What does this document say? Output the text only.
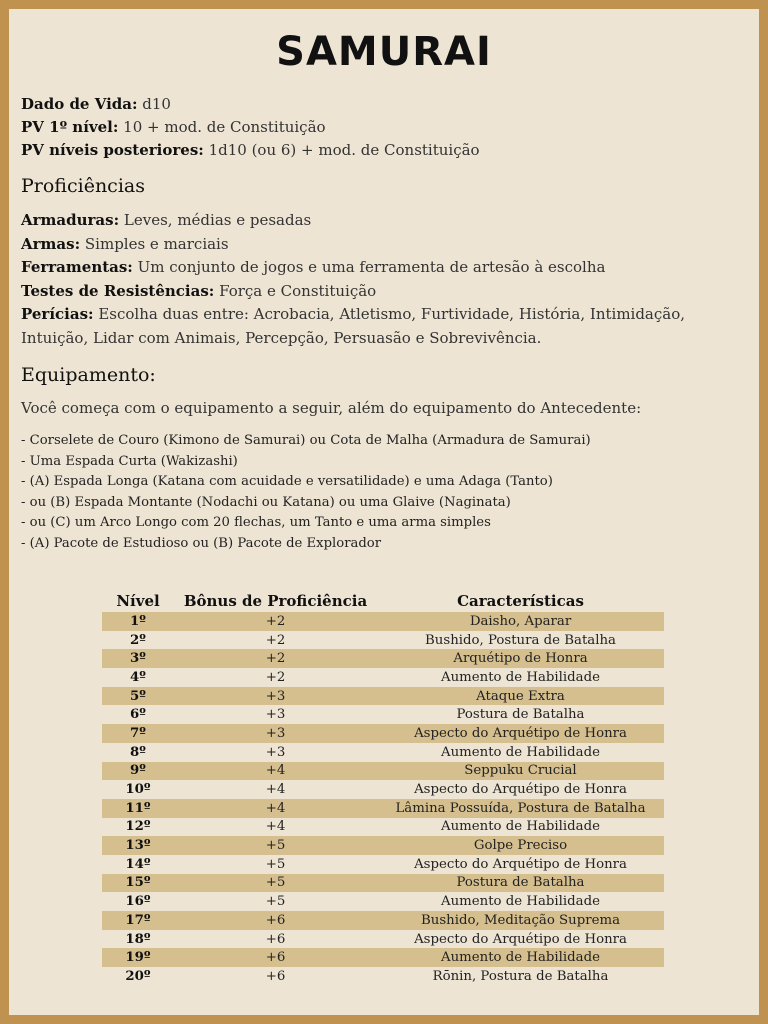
SAMURAI
Dado de Vida: d10
PV 1º nível: 10 + mod. de Constituição
PV níveis posteriores: 1d10 (ou 6) + mod. de Constituição
Proficiências
Armaduras: Leves, médias e pesadas
Armas: Simples e marciais
Ferramentas: Um conjunto de jogos e uma ferramenta de artesão à escolha
Testes de Resistências: Força e Constituição
Perícias: Escolha duas entre: Acrobacia, Atletismo, Furtividade, História, Intimidação, Intuição, Lidar com Animais, Percepção, Persuasão e Sobrevivência.
Equipamento:
Você começa com o equipamento a seguir, além do equipamento do Antecedente:
- Corselete de Couro (Kimono de Samurai) ou Cota de Malha (Armadura de Samurai)
- Uma Espada Curta (Wakizashi)
- (A) Espada Longa (Katana com acuidade e versatilidade) e uma Adaga (Tanto)
- ou (B) Espada Montante (Nodachi ou Katana) ou uma Glaive (Naginata)
- ou (C) um Arco Longo com 20 flechas, um Tanto e uma arma simples
- (A) Pacote de Estudioso ou (B) Pacote de Explorador
Nível	Bônus de Proficiência	Características
1º	+2	Daisho, Aparar
2º	+2	Bushido, Postura de Batalha
3º	+2	Arquétipo de Honra
4º	+2	Aumento de Habilidade
5º	+3	Ataque Extra
6º	+3	Postura de Batalha
7º	+3	Aspecto do Arquétipo de Honra
8º	+3	Aumento de Habilidade
9º	+4	Seppuku Crucial
10º	+4	Aspecto do Arquétipo de Honra
11º	+4	Lâmina Possuída, Postura de Batalha
12º	+4	Aumento de Habilidade
13º	+5	Golpe Preciso
14º	+5	Aspecto do Arquétipo de Honra
15º	+5	Postura de Batalha
16º	+5	Aumento de Habilidade
17º	+6	Bushido, Meditação Suprema
18º	+6	Aspecto do Arquétipo de Honra
19º	+6	Aumento de Habilidade
20º	+6	Rōnin, Postura de Batalha
